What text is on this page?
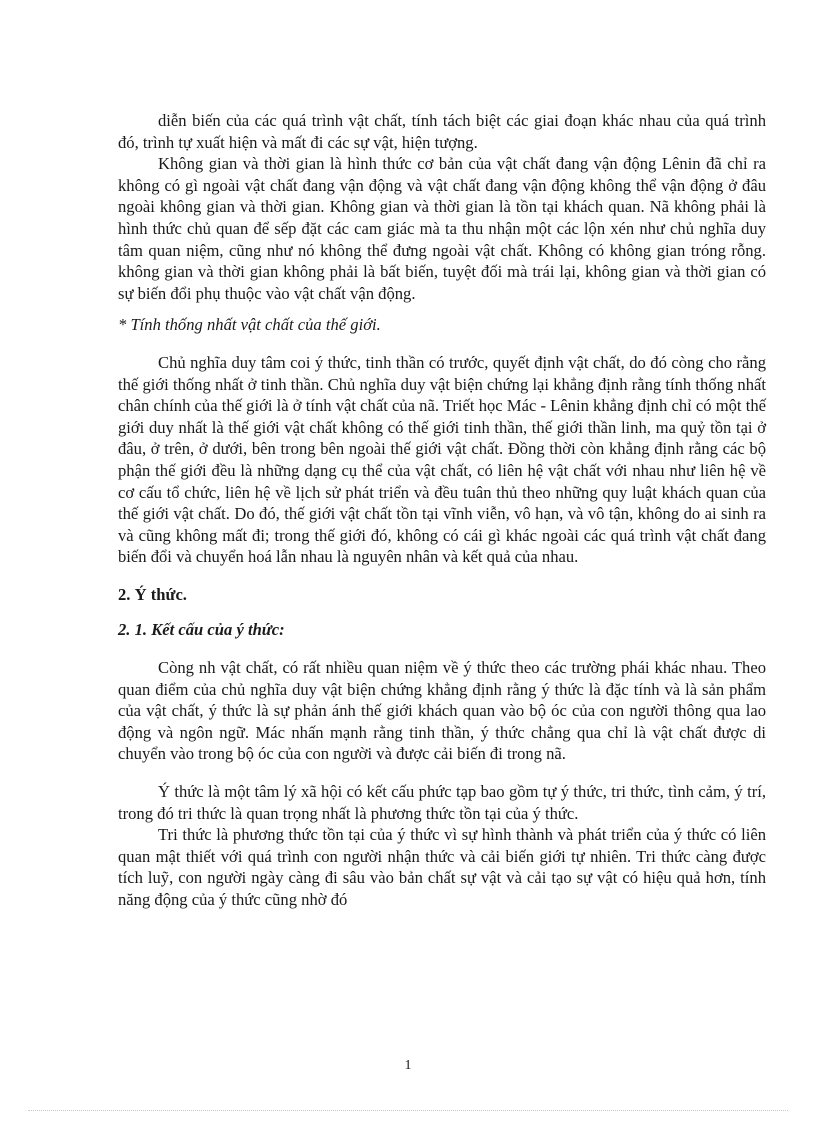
diễn biến của các quá trình vật chất, tính tách biệt các giai đoạn khác nhau của quá trình đó, trình tự xuất hiện và mất đi các sự vật, hiện tượng.

Không gian và thời gian là hình thức cơ bản của vật chất đang vận động Lênin đã chỉ ra không có gì ngoài vật chất đang vận động và vật chất đang vận động không thể vận động ở đâu ngoài không gian và thời gian. Không gian và thời gian là tồn tại khách quan. Nã không phải là hình thức chủ quan để sếp đặt các cam giác mà ta thu nhận một các lộn xén như chủ nghĩa duy tâm quan niệm, cũng như nó không thể đưng ngoài vật chất. Không có không gian tróng rỗng. không gian và thời gian không phải là bất biến, tuyệt đối mà trái lại, không gian và thời gian có sự biến đổi phụ thuộc vào vật chất vận động.

* Tính thống nhất vật chất của thế giới.

Chủ nghĩa duy tâm coi ý thức, tinh thần có trước, quyết định vật chất, do đó còng cho rằng thế giới thống nhất ở tinh thần. Chủ nghĩa duy vật biện chứng lại khẳng định rằng tính thống nhất chân chính của thế giới là ở tính vật chất của nã. Triết học Mác - Lênin khẳng định chỉ có một thế giới duy nhất là thế giới vật chất không có thế giới tinh thần, thế giới thần linh, ma quỷ tồn tại ở đâu, ở trên, ở dưới, bên trong bên ngoài thế giới vật chất. Đồng thời còn khẳng định rằng các bộ phận thế giới đều là những dạng cụ thể của vật chất, có liên hệ vật chất với nhau như liên hệ về cơ cấu tổ chức, liên hệ về lịch sử phát triển và đều tuân thủ theo những quy luật khách quan của thế giới vật chất. Do đó, thế giới vật chất tồn tại vĩnh viễn, vô hạn, và vô tận, không do ai sinh ra và cũng không mất đi; trong thế giới đó, không có cái gì khác ngoài các quá trình vật chất đang biến đổi và chuyển hoá lẫn nhau là nguyên nhân và kết quả của nhau.

2. Ý thức.

2. 1. Kết cấu của ý thức:

Còng nh vật chất, có rất nhiều quan niệm về ý thức theo các trường phái khác nhau. Theo quan điểm của chủ nghĩa duy vật biện chứng khẳng định rằng ý thức là đặc tính và là sản phẩm của vật chất, ý thức là sự phản ánh thế giới khách quan vào bộ óc của con người thông qua lao động và ngôn ngữ. Mác nhấn mạnh rằng tinh thần, ý thức chẳng qua chỉ là vật chất được di chuyển vào trong bộ óc của con người và được cải biến đi trong nã.

Ý thức là một tâm lý xã hội có kết cấu phức tạp bao gồm tự ý thức, tri thức, tình cảm, ý trí, trong đó tri thức là quan trọng nhất là phương thức tồn tại của ý thức.

Tri thức là phương thức tồn tại của ý thức vì sự hình thành và phát triển của ý thức có liên quan mật thiết với quá trình con người nhận thức và cải biến giới tự nhiên. Tri thức càng được tích luỹ, con người ngày càng đi sâu vào bản chất sự vật và cải tạo sự vật có hiệu quả hơn, tính năng động của ý thức cũng nhờ đó

1
